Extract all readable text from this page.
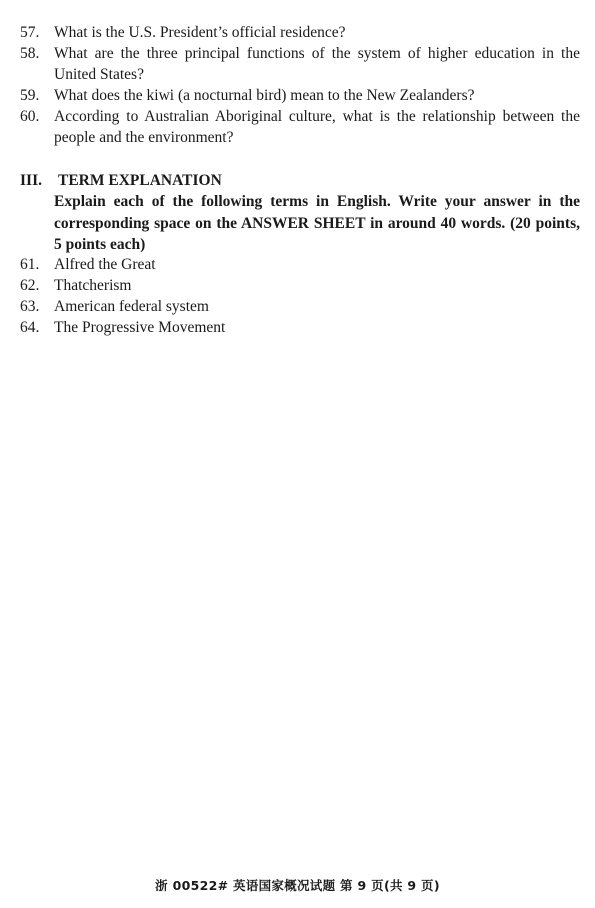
57. What is the U.S. President’s official residence?
58. What are the three principal functions of the system of higher education in the United States?
59. What does the kiwi (a nocturnal bird) mean to the New Zealanders?
60. According to Australian Aboriginal culture, what is the relationship between the people and the environment?
III. TERM EXPLANATION
Explain each of the following terms in English. Write your answer in the corresponding space on the ANSWER SHEET in around 40 words. (20 points, 5 points each)
61. Alfred the Great
62. Thatcherism
63. American federal system
64. The Progressive Movement
浙 00522# 英语国家概况试题 第 9 页(共 9 页)
